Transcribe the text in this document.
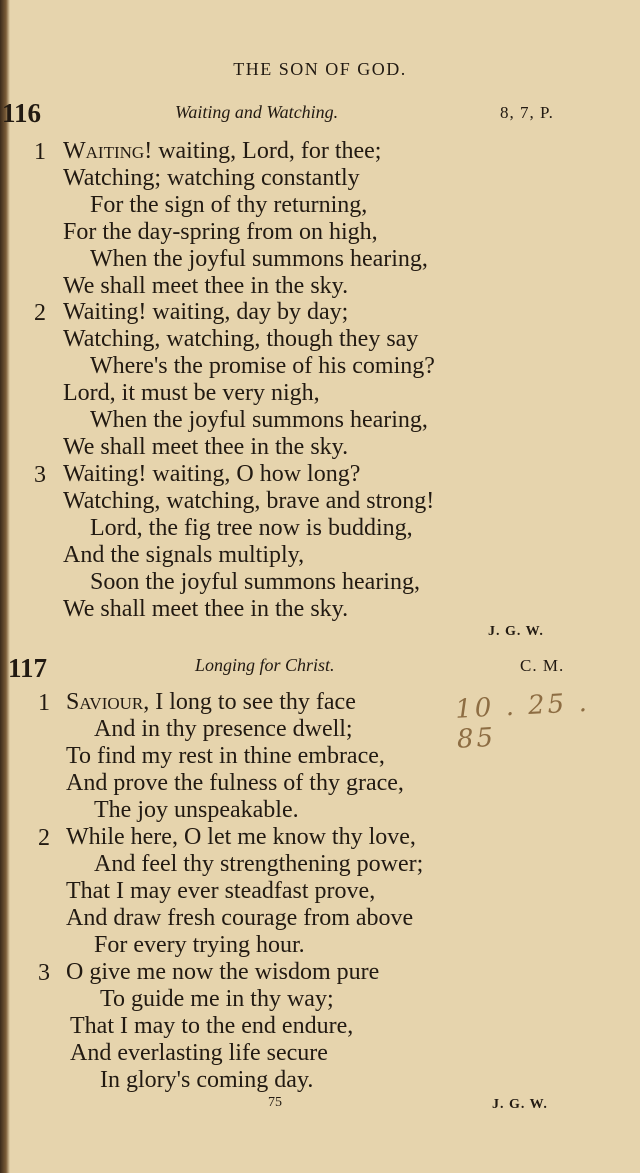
THE SON OF GOD.
116	Waiting and Watching.	8, 7, P.
1 Waiting! waiting, Lord, for thee;
Watching; watching constantly
For the sign of thy returning,
For the day-spring from on high,
When the joyful summons hearing,
We shall meet thee in the sky.
2 Waiting! waiting, day by day;
Watching, watching, though they say
Where's the promise of his coming?
Lord, it must be very nigh,
When the joyful summons hearing,
We shall meet thee in the sky.
3 Waiting! waiting, O how long?
Watching, watching, brave and strong!
Lord, the fig tree now is budding,
And the signals multiply,
Soon the joyful summons hearing,
We shall meet thee in the sky.
J. G. W.
117	Longing for Christ.	C. M.
1 Saviour, I long to see thy face
And in thy presence dwell;
To find my rest in thine embrace,
And prove the fulness of thy grace,
The joy unspeakable.
2 While here, O let me know thy love,
And feel thy strengthening power;
That I may ever steadfast prove,
And draw fresh courage from above
For every trying hour.
3 O give me now the wisdom pure
To guide me in thy way;
That I may to the end endure,
And everlasting life secure
In glory's coming day.
75	J. G. W.
10 . 25 . 85
